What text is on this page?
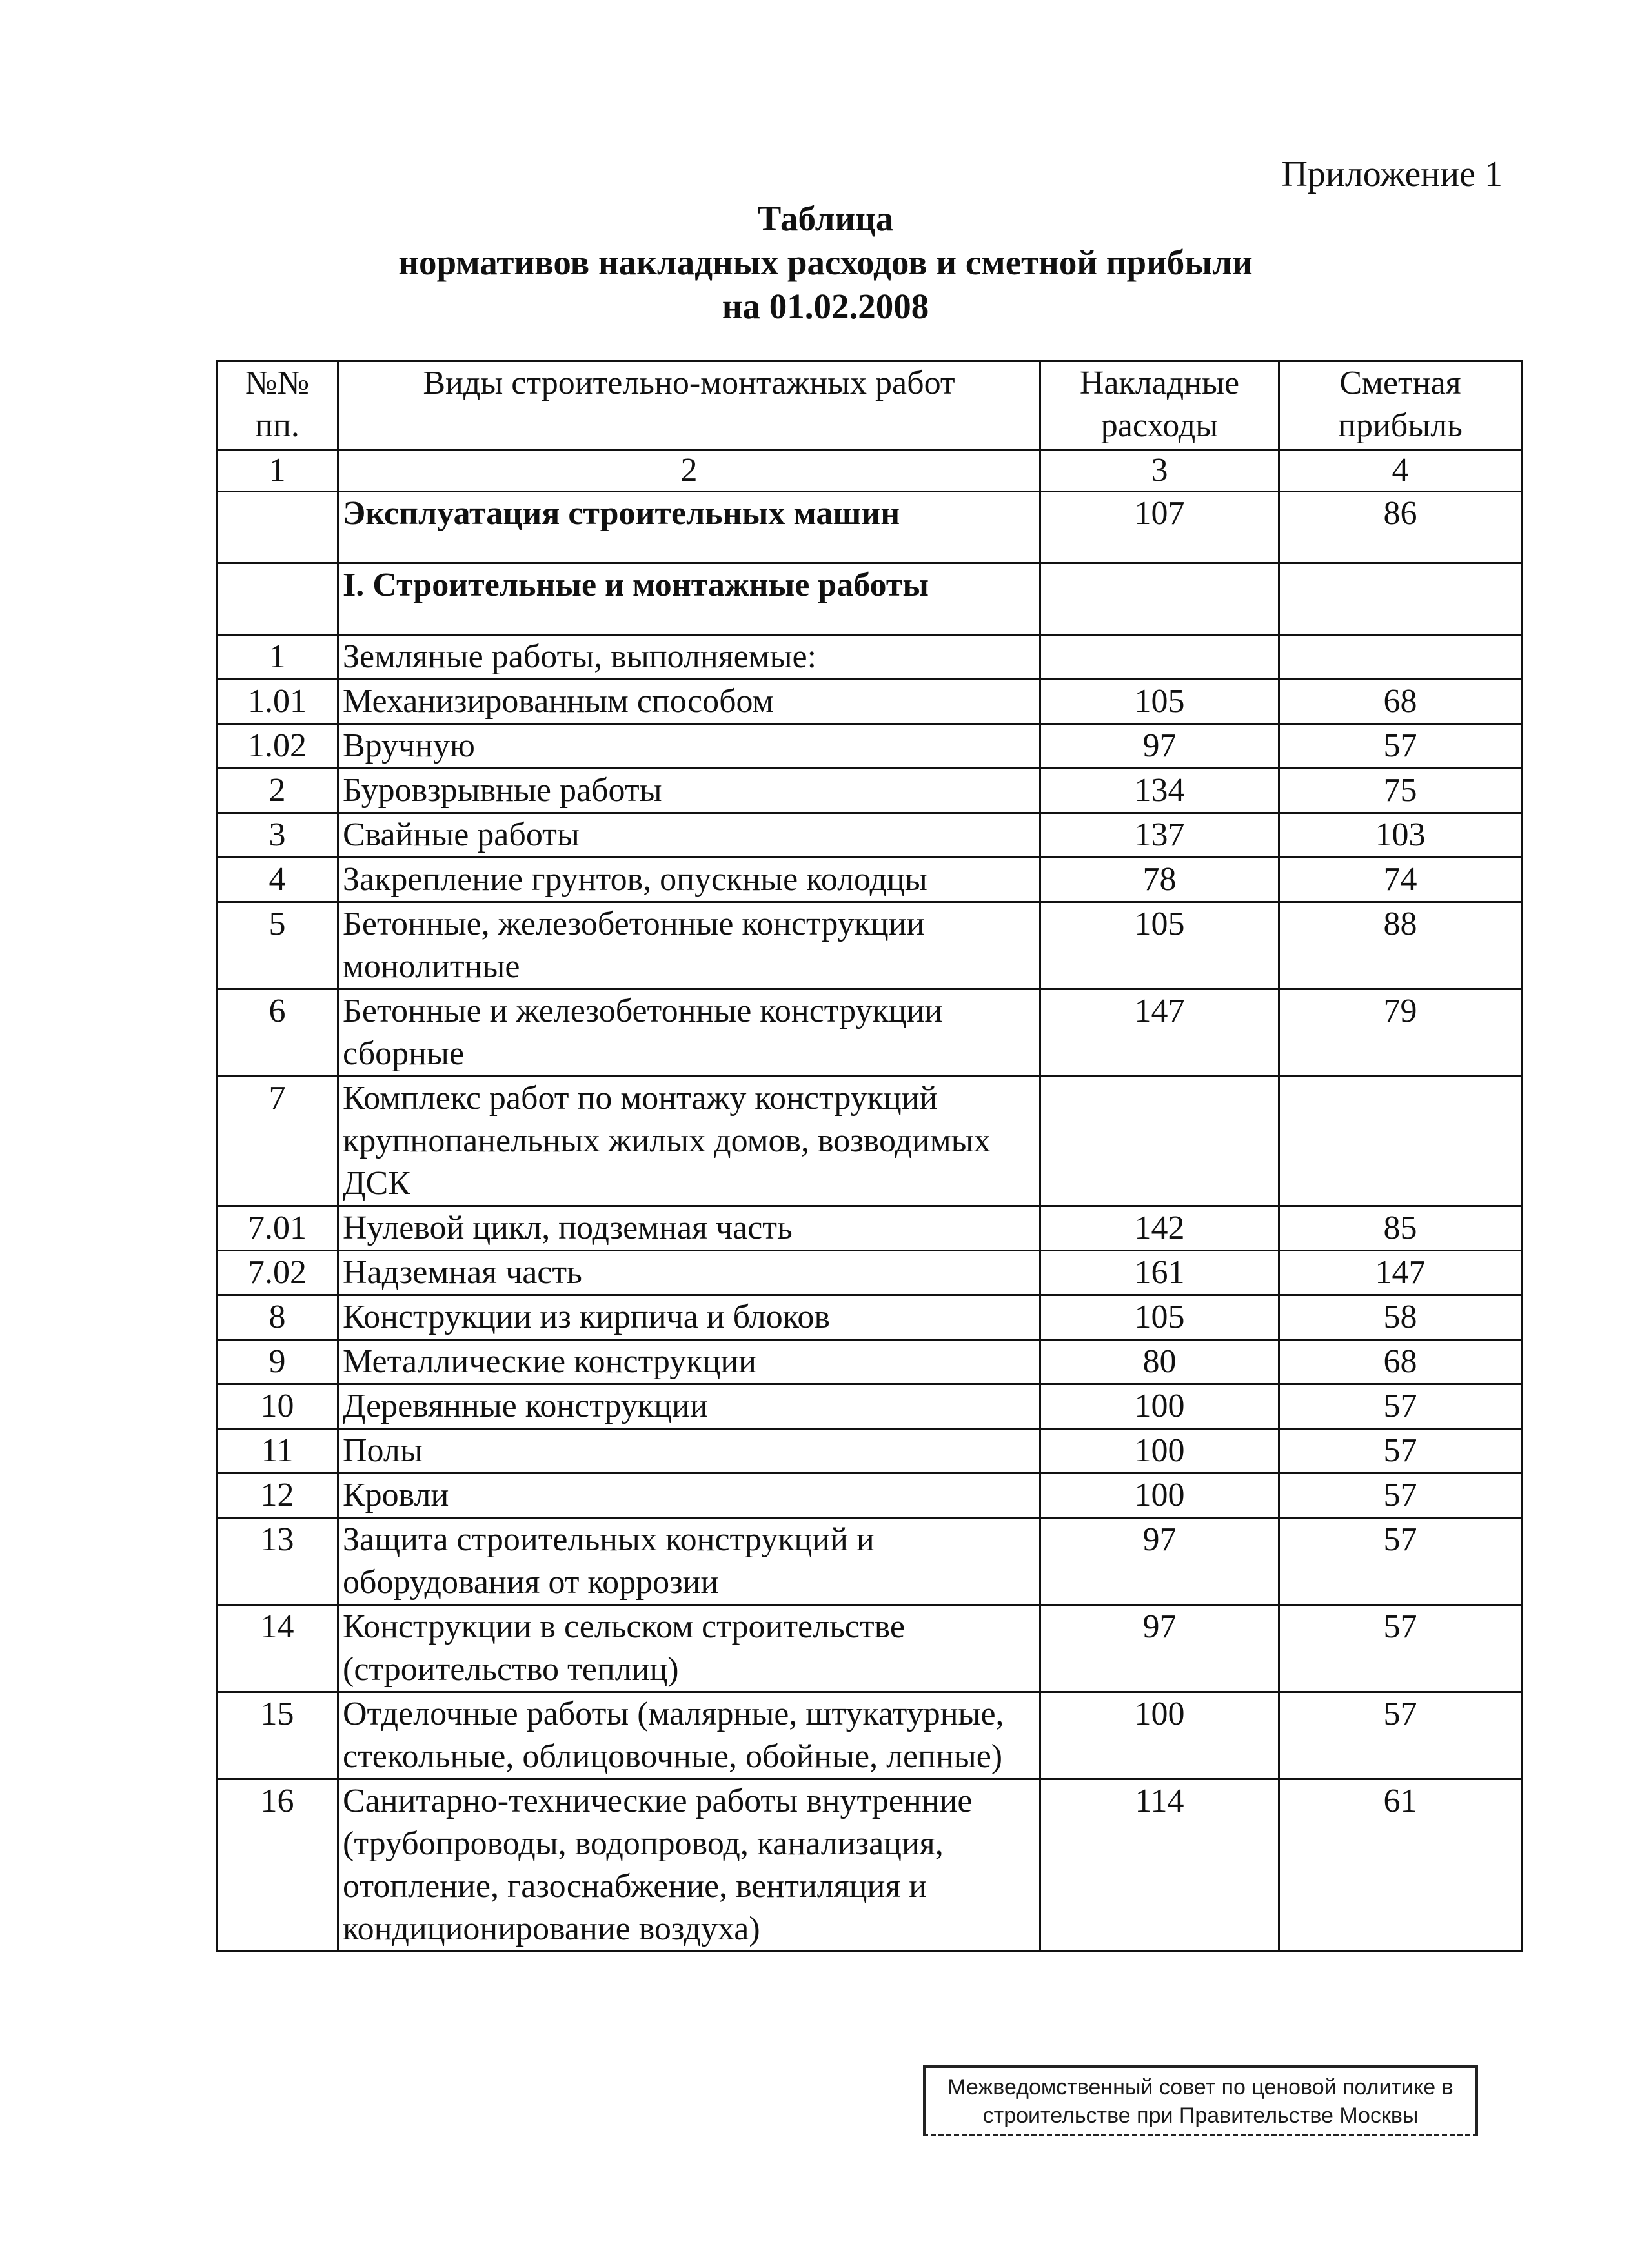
Приложение 1
Таблица
нормативов накладных расходов и сметной прибыли
на 01.02.2008
№№ пп.	Виды строительно-монтажных работ	Накладные расходы	Сметная прибыль
1	2	3	4
	Эксплуатация строительных машин	107	86
	I. Строительные и монтажные работы		
1	Земляные работы, выполняемые:		
1.01	Механизированным способом	105	68
1.02	Вручную	97	57
2	Буровзрывные работы	134	75
3	Свайные работы	137	103
4	Закрепление грунтов, опускные колодцы	78	74
5	Бетонные, железобетонные конструкции монолитные	105	88
6	Бетонные и железобетонные конструкции сборные	147	79
7	Комплекс работ по монтажу конструкций крупнопанельных жилых домов, возводимых ДСК		
7.01	Нулевой цикл, подземная часть	142	85
7.02	Надземная часть	161	147
8	Конструкции из кирпича и блоков	105	58
9	Металлические конструкции	80	68
10	Деревянные конструкции	100	57
11	Полы	100	57
12	Кровли	100	57
13	Защита строительных конструкций и оборудования от коррозии	97	57
14	Конструкции в сельском строительстве (строительство теплиц)	97	57
15	Отделочные работы (малярные, штукатурные, стекольные, облицовочные, обойные, лепные)	100	57
16	Санитарно-технические работы внутренние (трубопроводы, водопровод, канализация, отопление, газоснабжение, вентиляция и кондиционирование воздуха)	114	61
Межведомственный совет по ценовой политике в
строительстве при Правительстве Москвы
